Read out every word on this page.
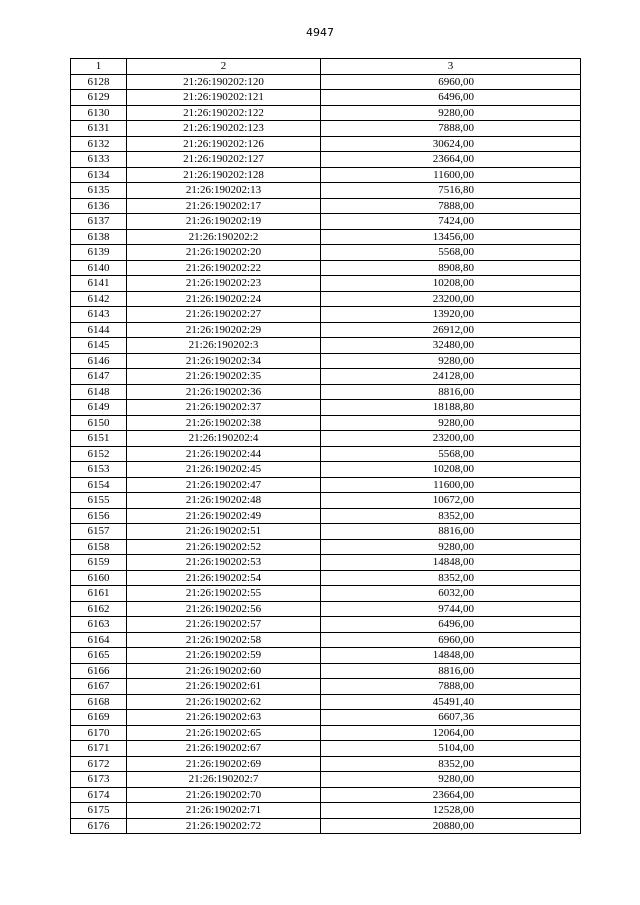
4947
1	2	3
6128	21:26:190202:120	6960,00
6129	21:26:190202:121	6496,00
6130	21:26:190202:122	9280,00
6131	21:26:190202:123	7888,00
6132	21:26:190202:126	30624,00
6133	21:26:190202:127	23664,00
6134	21:26:190202:128	11600,00
6135	21:26:190202:13	7516,80
6136	21:26:190202:17	7888,00
6137	21:26:190202:19	7424,00
6138	21:26:190202:2	13456,00
6139	21:26:190202:20	5568,00
6140	21:26:190202:22	8908,80
6141	21:26:190202:23	10208,00
6142	21:26:190202:24	23200,00
6143	21:26:190202:27	13920,00
6144	21:26:190202:29	26912,00
6145	21:26:190202:3	32480,00
6146	21:26:190202:34	9280,00
6147	21:26:190202:35	24128,00
6148	21:26:190202:36	8816,00
6149	21:26:190202:37	18188,80
6150	21:26:190202:38	9280,00
6151	21:26:190202:4	23200,00
6152	21:26:190202:44	5568,00
6153	21:26:190202:45	10208,00
6154	21:26:190202:47	11600,00
6155	21:26:190202:48	10672,00
6156	21:26:190202:49	8352,00
6157	21:26:190202:51	8816,00
6158	21:26:190202:52	9280,00
6159	21:26:190202:53	14848,00
6160	21:26:190202:54	8352,00
6161	21:26:190202:55	6032,00
6162	21:26:190202:56	9744,00
6163	21:26:190202:57	6496,00
6164	21:26:190202:58	6960,00
6165	21:26:190202:59	14848,00
6166	21:26:190202:60	8816,00
6167	21:26:190202:61	7888,00
6168	21:26:190202:62	45491,40
6169	21:26:190202:63	6607,36
6170	21:26:190202:65	12064,00
6171	21:26:190202:67	5104,00
6172	21:26:190202:69	8352,00
6173	21:26:190202:7	9280,00
6174	21:26:190202:70	23664,00
6175	21:26:190202:71	12528,00
6176	21:26:190202:72	20880,00
